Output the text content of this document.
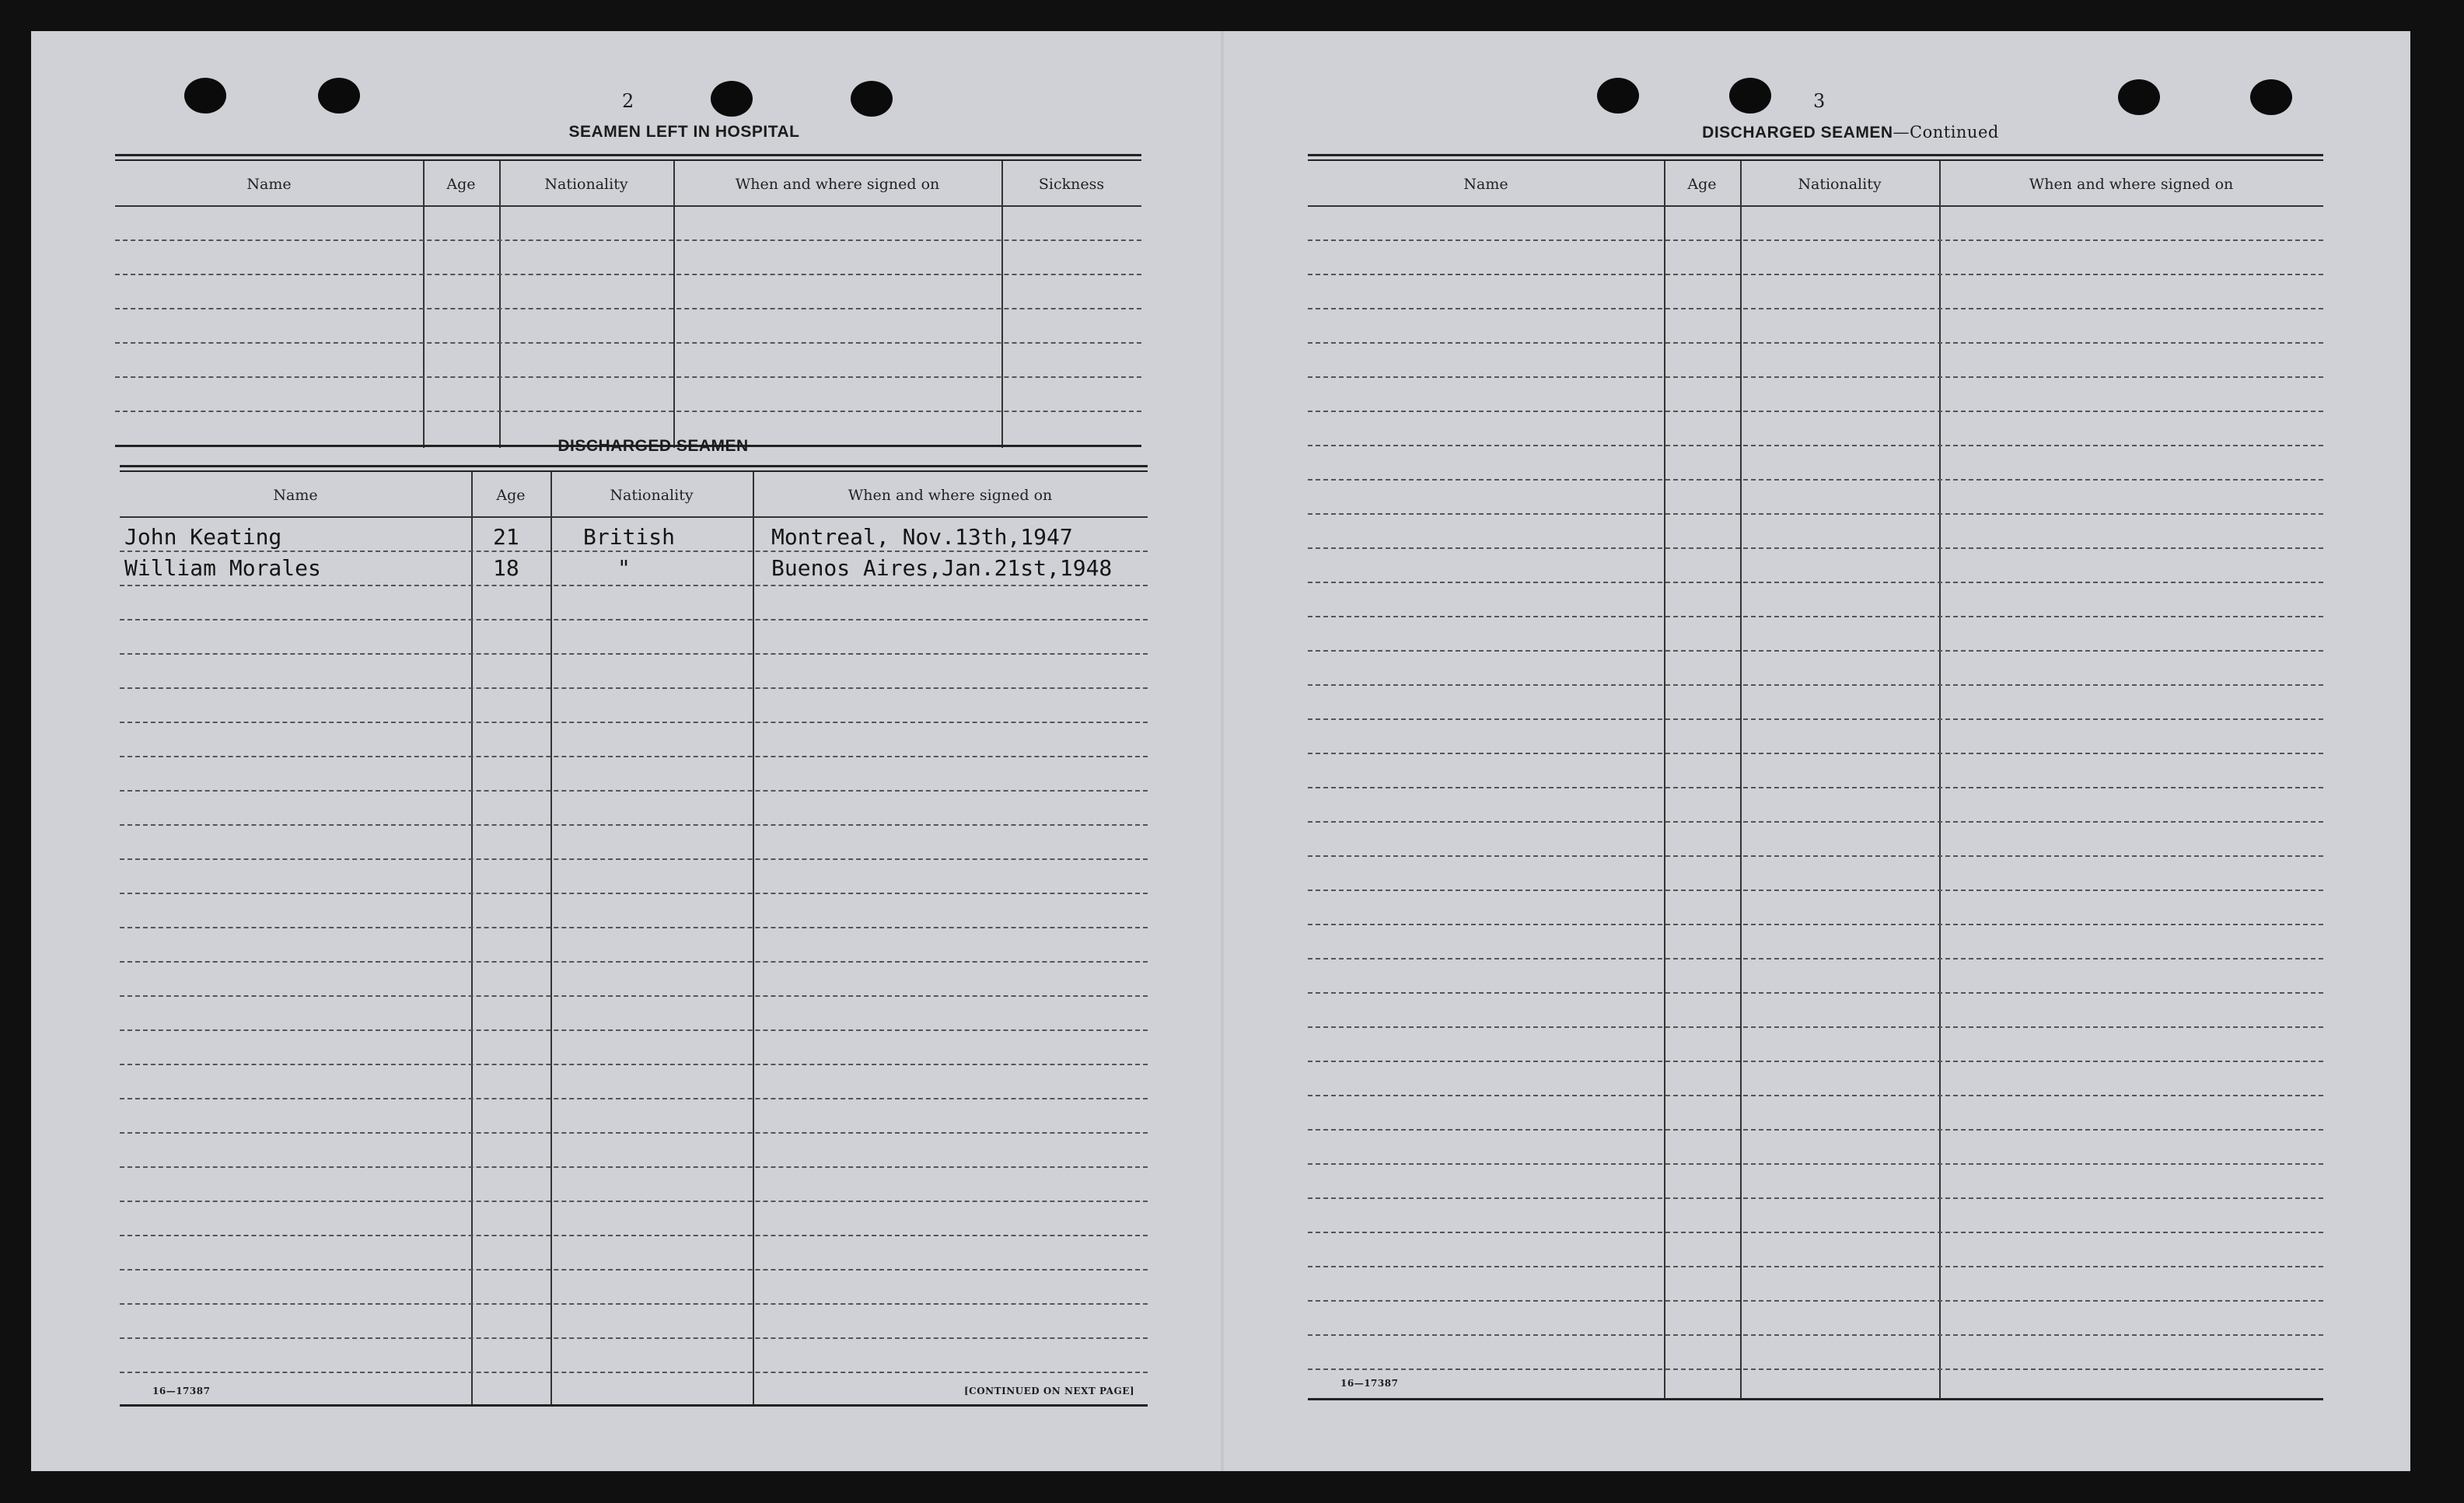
2
SEAMEN LEFT IN HOSPITAL
Name	Age	Nationality	When and where signed on	Sickness
DISCHARGED SEAMEN
Name	Age	Nationality	When and where signed on
John Keating	21	British	Montreal, Nov.13th,1947
William Morales	18	"	Buenos Aires,Jan.21st,1948
16—17387	[CONTINUED ON NEXT PAGE]
3
DISCHARGED SEAMEN—Continued
Name	Age	Nationality	When and where signed on
16—17387
